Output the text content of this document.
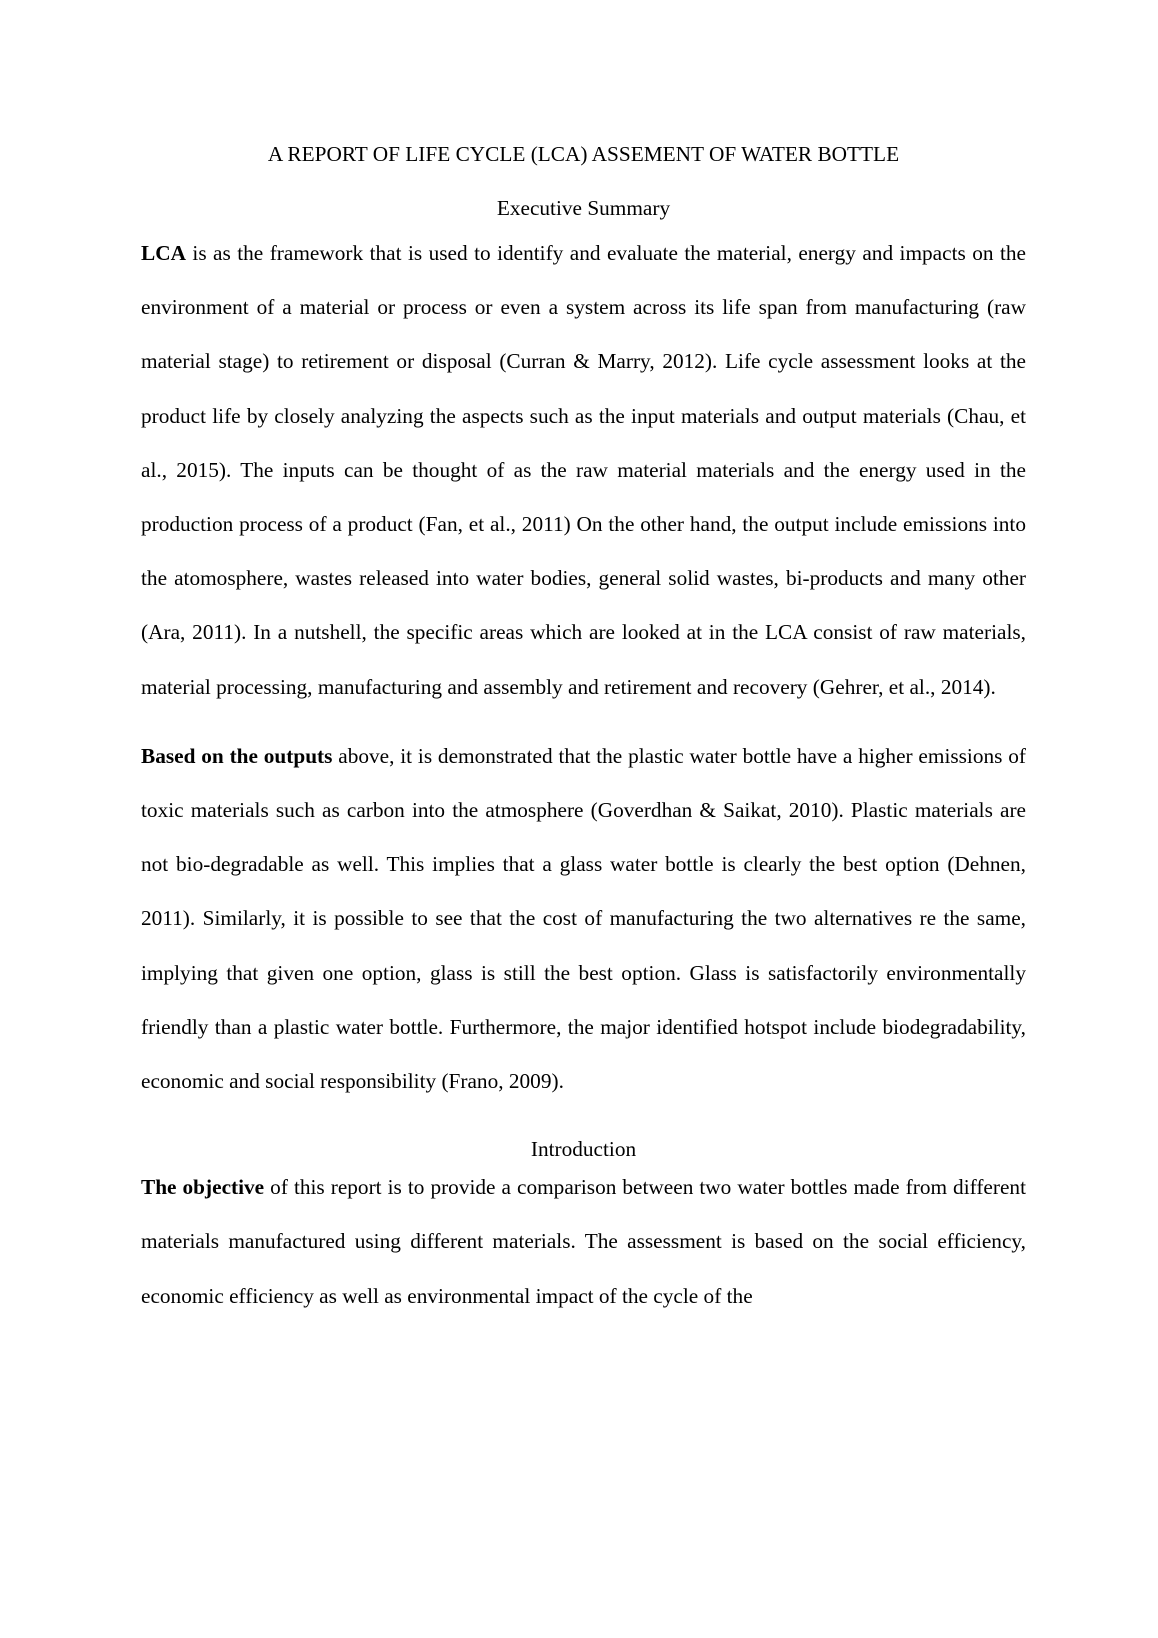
A REPORT OF LIFE CYCLE (LCA) ASSEMENT OF WATER BOTTLE
Executive Summary

LCA is as the framework that is used to identify and evaluate the material, energy and impacts on the environment of a material or process or even a system across its life span from manufacturing (raw material stage) to retirement or disposal (Curran & Marry, 2012). Life cycle assessment looks at the product life by closely analyzing the aspects such as the input materials and output materials (Chau, et al., 2015). The inputs can be thought of as the raw material materials and the energy used in the production process of a product (Fan, et al., 2011) On the other hand, the output include emissions into the atomosphere, wastes released into water bodies, general solid wastes, bi-products and many other (Ara, 2011). In a nutshell, the specific areas which are looked at in the LCA consist of raw materials, material processing, manufacturing and assembly and retirement and recovery (Gehrer, et al., 2014).

Based on the outputs above, it is demonstrated that the plastic water bottle have a higher emissions of toxic materials such as carbon into the atmosphere (Goverdhan & Saikat, 2010). Plastic materials are not bio-degradable as well. This implies that a glass water bottle is clearly the best option (Dehnen, 2011). Similarly, it is possible to see that the cost of manufacturing the two alternatives re the same, implying that given one option, glass is still the best option. Glass is satisfactorily environmentally friendly than a plastic water bottle. Furthermore, the major identified hotspot include biodegradability, economic and social responsibility (Frano, 2009).

Introduction

The objective of this report is to provide a comparison between two water bottles made from different materials manufactured using different materials. The assessment is based on the social efficiency, economic efficiency as well as environmental impact of the cycle of the
